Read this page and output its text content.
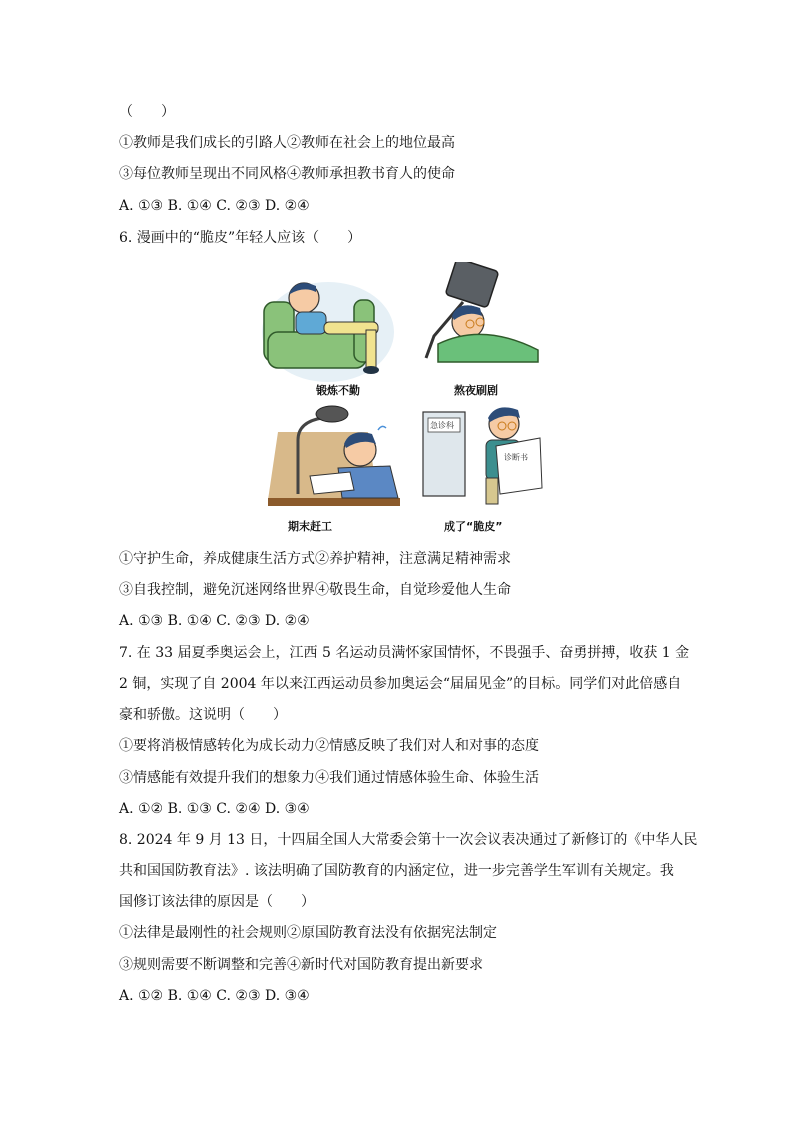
（　　）
①教师是我们成长的引路人②教师在社会上的地位最高
③每位教师呈现出不同风格④教师承担教书育人的使命
A. ①③ B. ①④ C. ②③ D. ②④
6. 漫画中的“脆皮”年轻人应该（　　）
①守护生命，养成健康生活方式②养护精神，注意满足精神需求
③自我控制，避免沉迷网络世界④敬畏生命，自觉珍爱他人生命
A. ①③ B. ①④ C. ②③ D. ②④
7. 在 33 届夏季奥运会上，江西 5 名运动员满怀家国情怀，不畏强手、奋勇拼搏，收获 1 金
2 铜，实现了自 2004 年以来江西运动员参加奥运会“届届见金”的目标。同学们对此倍感自
豪和骄傲。这说明（　　）
①要将消极情感转化为成长动力②情感反映了我们对人和对事的态度
③情感能有效提升我们的想象力④我们通过情感体验生命、体验生活
A. ①② B. ①③ C. ②④ D. ③④
8. 2024 年 9 月 13 日，十四届全国人大常委会第十一次会议表决通过了新修订的《中华人民
共和国国防教育法》. 该法明确了国防教育的内涵定位，进一步完善学生军训有关规定。我
国修订该法律的原因是（　　）
①法律是最刚性的社会规则②原国防教育法没有依据宪法制定
③规则需要不断调整和完善④新时代对国防教育提出新要求
A. ①② B. ①④ C. ②③ D. ③④
急诊科
诊断书
锻炼不勤	熬夜刷剧
期末赶工	成了“脆皮”
